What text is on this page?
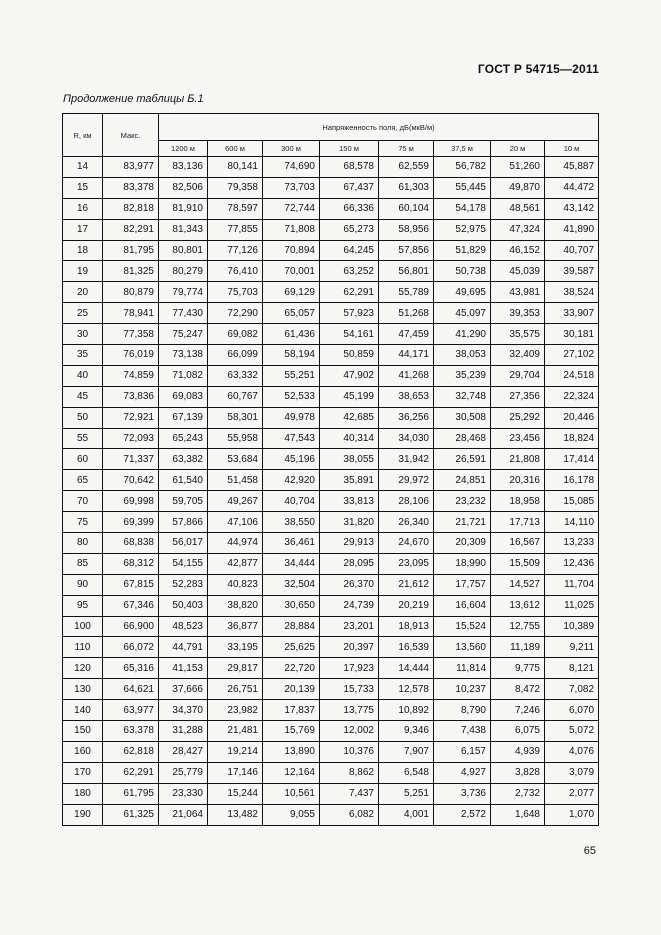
ГОСТ Р 54715—2011
Продолжение таблицы Б.1
R, км	Макс.	Напряженность поля, дБ(мкВ/м)							
		1200 м	600 м	300 м	150 м	75 м	37,5 м	20 м	10 м
14	83,977	83,136	80,141	74,690	68,578	62,559	56,782	51,260	45,887
15	83,378	82,506	79,358	73,703	67,437	61,303	55,445	49,870	44,472
16	82,818	81,910	78,597	72,744	66,336	60,104	54,178	48,561	43,142
17	82,291	81,343	77,855	71,808	65,273	58,956	52,975	47,324	41,890
18	81,795	80,801	77,126	70,894	64,245	57,856	51,829	46,152	40,707
19	81,325	80,279	76,410	70,001	63,252	56,801	50,738	45,039	39,587
20	80,879	79,774	75,703	69,129	62,291	55,789	49,695	43,981	38,524
25	78,941	77,430	72,290	65,057	57,923	51,268	45,097	39,353	33,907
30	77,358	75,247	69,082	61,436	54,161	47,459	41,290	35,575	30,181
35	76,019	73,138	66,099	58,194	50,859	44,171	38,053	32,409	27,102
40	74,859	71,082	63,332	55,251	47,902	41,268	35,239	29,704	24,518
45	73,836	69,083	60,767	52,533	45,199	38,653	32,748	27,356	22,324
50	72,921	67,139	58,301	49,978	42,685	36,256	30,508	25,292	20,446
55	72,093	65,243	55,958	47,543	40,314	34,030	28,468	23,456	18,824
60	71,337	63,382	53,684	45,196	38,055	31,942	26,591	21,808	17,414
65	70,642	61,540	51,458	42,920	35,891	29,972	24,851	20,316	16,178
70	69,998	59,705	49,267	40,704	33,813	28,106	23,232	18,958	15,085
75	69,399	57,866	47,106	38,550	31,820	26,340	21,721	17,713	14,110
80	68,838	56,017	44,974	36,461	29,913	24,670	20,309	16,567	13,233
85	68,312	54,155	42,877	34,444	28,095	23,095	18,990	15,509	12,436
90	67,815	52,283	40,823	32,504	26,370	21,612	17,757	14,527	11,704
95	67,346	50,403	38,820	30,650	24,739	20,219	16,604	13,612	11,025
100	66,900	48,523	36,877	28,884	23,201	18,913	15,524	12,755	10,389
110	66,072	44,791	33,195	25,625	20,397	16,539	13,560	11,189	9,211
120	65,316	41,153	29,817	22,720	17,923	14,444	11,814	9,775	8,121
130	64,621	37,666	26,751	20,139	15,733	12,578	10,237	8,472	7,082
140	63,977	34,370	23,982	17,837	13,775	10,892	8,790	7,246	6,070
150	63,378	31,288	21,481	15,769	12,002	9,346	7,438	6,075	5,072
160	62,818	28,427	19,214	13,890	10,376	7,907	6,157	4,939	4,076
170	62,291	25,779	17,146	12,164	8,862	6,548	4,927	3,828	3,079
180	61,795	23,330	15,244	10,561	7,437	5,251	3,736	2,732	2,077
190	61,325	21,064	13,482	9,055	6,082	4,001	2,572	1,648	1,070
65
